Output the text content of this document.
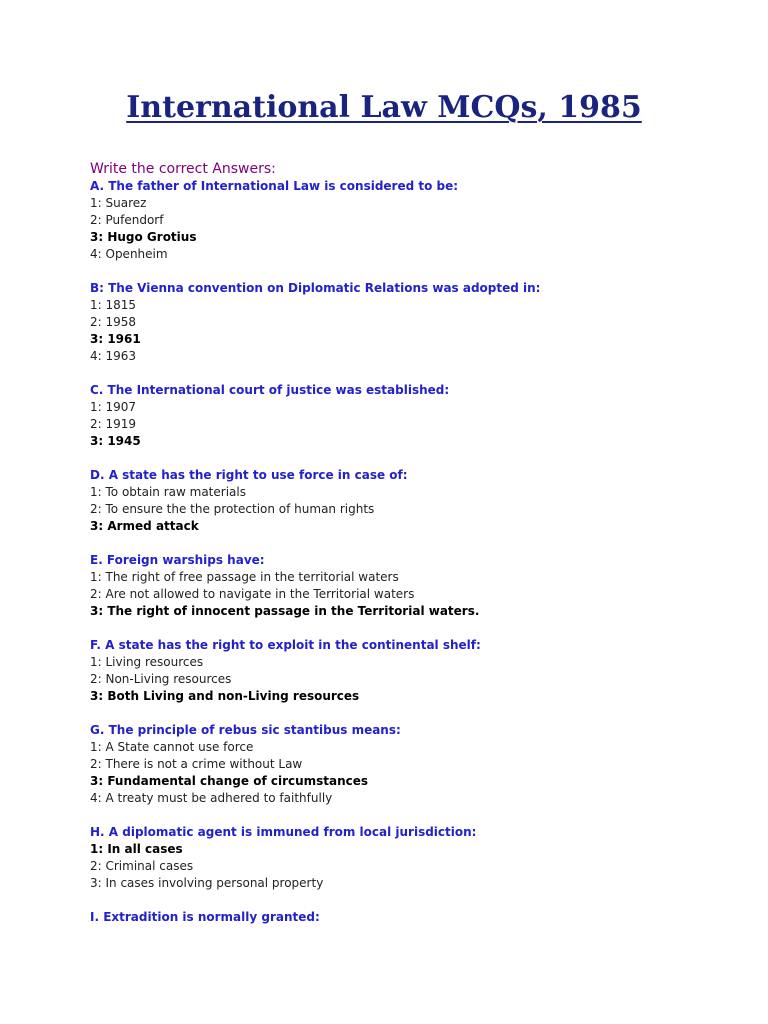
International Law MCQs, 1985

Write the correct Answers:

A. The father of International Law is considered to be:

1: Suarez

2: Pufendorf

3: Hugo Grotius

4: Openheim

B: The Vienna convention on Diplomatic Relations was adopted in:

1: 1815

2: 1958

3: 1961

4: 1963

C. The International court of justice was established:

1: 1907

2: 1919

3: 1945

D. A state has the right to use force in case of:

1: To obtain raw materials

2: To ensure the the protection of human rights

3: Armed attack

E. Foreign warships have:

1: The right of free passage in the territorial waters

2: Are not allowed to navigate in the Territorial waters

3: The right of innocent passage in the Territorial waters.

F. A state has the right to exploit in the continental shelf:

1: Living resources

2: Non-Living resources

3: Both Living and non-Living resources

G. The principle of rebus sic stantibus means:

1: A State cannot use force

2: There is not a crime without Law

3: Fundamental change of circumstances

4: A treaty must be adhered to faithfully

H. A diplomatic agent is immuned from local jurisdiction:

1: In all cases

2: Criminal cases

3: In cases involving personal property

I. Extradition is normally granted:
